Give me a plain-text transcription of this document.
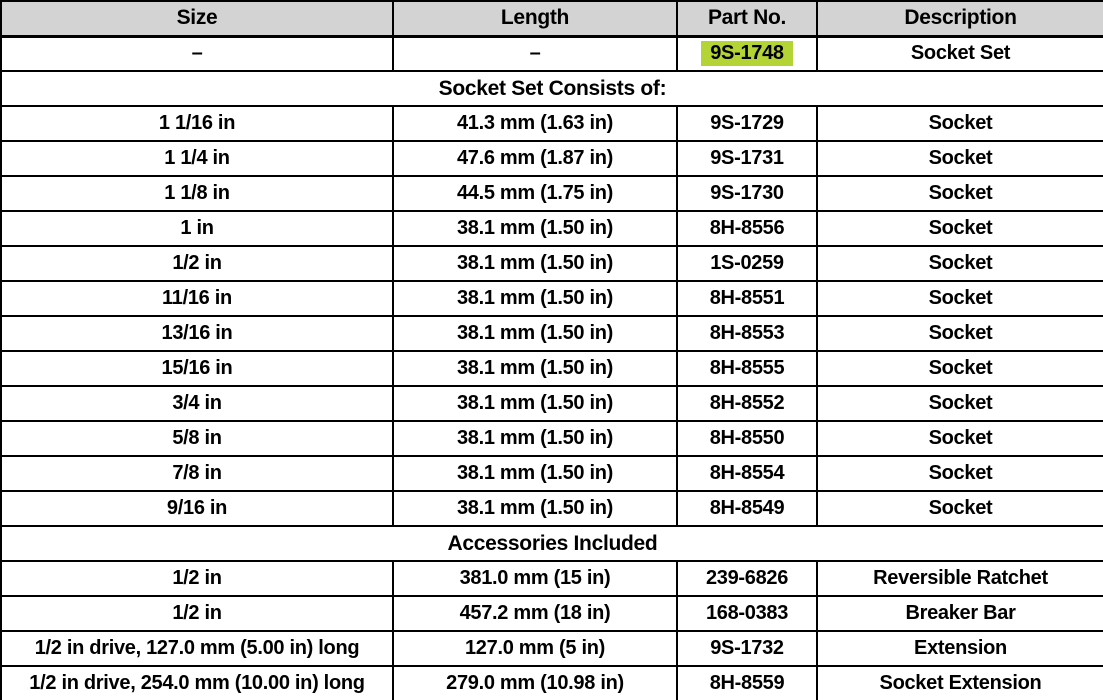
Size	Length	Part No.	Description
–	–	9S-1748	Socket Set
Socket Set Consists of:			
1 1/16 in	41.3 mm (1.63 in)	9S-1729	Socket
1 1/4 in	47.6 mm (1.87 in)	9S-1731	Socket
1 1/8 in	44.5 mm (1.75 in)	9S-1730	Socket
1 in	38.1 mm (1.50 in)	8H-8556	Socket
1/2 in	38.1 mm (1.50 in)	1S-0259	Socket
11/16 in	38.1 mm (1.50 in)	8H-8551	Socket
13/16 in	38.1 mm (1.50 in)	8H-8553	Socket
15/16 in	38.1 mm (1.50 in)	8H-8555	Socket
3/4 in	38.1 mm (1.50 in)	8H-8552	Socket
5/8 in	38.1 mm (1.50 in)	8H-8550	Socket
7/8 in	38.1 mm (1.50 in)	8H-8554	Socket
9/16 in	38.1 mm (1.50 in)	8H-8549	Socket
Accessories Included			
1/2 in	381.0 mm (15 in)	239-6826	Reversible Ratchet
1/2 in	457.2 mm (18 in)	168-0383	Breaker Bar
1/2 in drive, 127.0 mm (5.00 in) long	127.0 mm (5 in)	9S-1732	Extension
1/2 in drive, 254.0 mm (10.00 in) long	279.0 mm (10.98 in)	8H-8559	Socket Extension
